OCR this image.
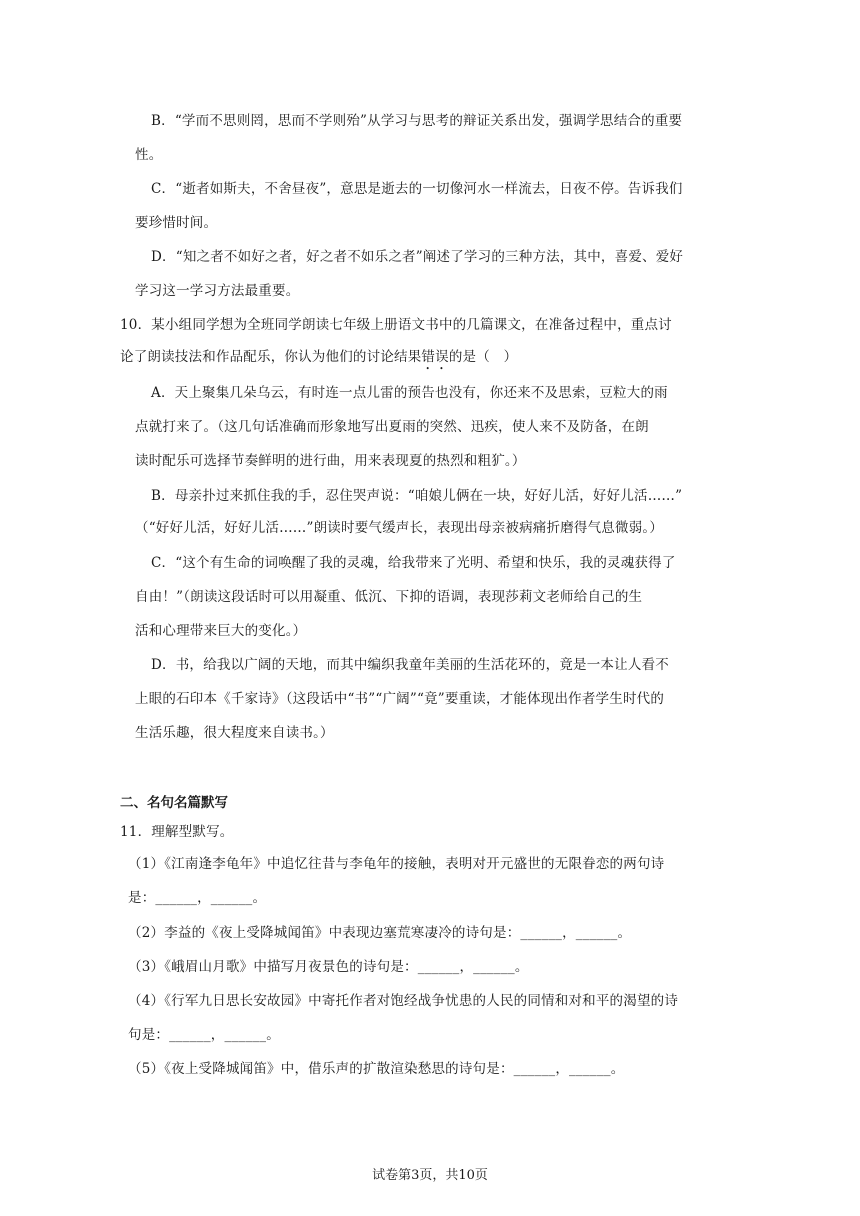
B．“学而不思则罔，思而不学则殆”从学习与思考的辩证关系出发，强调学思结合的重要
性。
C．“逝者如斯夫，不舍昼夜”，意思是逝去的一切像河水一样流去，日夜不停。告诉我们
要珍惜时间。
D．“知之者不如好之者，好之者不如乐之者”阐述了学习的三种方法，其中，喜爱、爱好
学习这一学习方法最重要。
10．某小组同学想为全班同学朗读七年级上册语文书中的几篇课文，在准备过程中，重点讨
论了朗读技法和作品配乐，你认为他们的讨论结果错误的是（　）
A．天上聚集几朵乌云，有时连一点儿雷的预告也没有，你还来不及思索，豆粒大的雨
点就打来了。（这几句话准确而形象地写出夏雨的突然、迅疾，使人来不及防备，在朗
读时配乐可选择节奏鲜明的进行曲，用来表现夏的热烈和粗犷。）
B．母亲扑过来抓住我的手，忍住哭声说：“咱娘儿俩在一块，好好儿活，好好儿活……”
（“好好儿活，好好儿活……”朗读时要气缓声长，表现出母亲被病痛折磨得气息微弱。）
C．“这个有生命的词唤醒了我的灵魂，给我带来了光明、希望和快乐，我的灵魂获得了
自由！”（朗读这段话时可以用凝重、低沉、下抑的语调，表现莎莉文老师给自己的生
活和心理带来巨大的变化。）
D．书，给我以广阔的天地，而其中编织我童年美丽的生活花环的，竟是一本让人看不
上眼的石印本《千家诗》（这段话中“书”“广阔”“竟”要重读，才能体现出作者学生时代的
生活乐趣，很大程度来自读书。）
二、名句名篇默写
11．理解型默写。
（1）《江南逢李龟年》中追忆往昔与李龟年的接触，表明对开元盛世的无限眷恋的两句诗
是：______，______。
（2）李益的《夜上受降城闻笛》中表现边塞荒寒凄冷的诗句是：______，______。
（3）《峨眉山月歌》中描写月夜景色的诗句是：______，______。
（4）《行军九日思长安故园》中寄托作者对饱经战争忧患的人民的同情和对和平的渴望的诗
句是：______，______。
（5）《夜上受降城闻笛》中，借乐声的扩散渲染愁思的诗句是：______，______。
试卷第3页，共10页
